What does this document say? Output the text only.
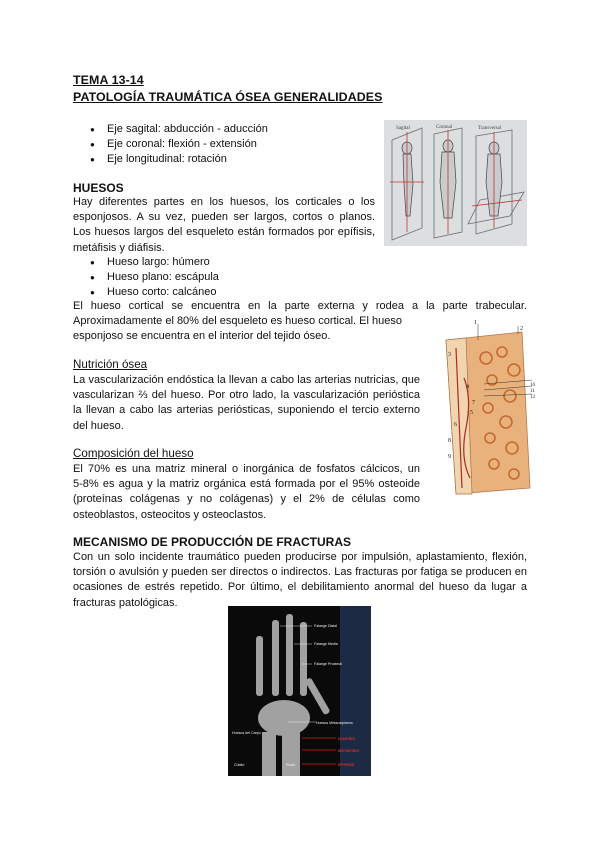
TEMA 13-14
PATOLOGÍA TRAUMÁTICA ÓSEA GENERALIDADES
● Eje sagital: abducción - aducción
● Eje coronal: flexión - extensión
● Eje longitudinal: rotación
Sagital	Coronal	Transversal
HUESOS
Hay diferentes partes en los huesos, los corticales o los
esponjosos. A su vez, pueden ser largos, cortos o planos.
Los huesos largos del esqueleto están formados por epífisis,
metáfisis y diáfisis.
● Hueso largo: húmero
● Hueso plano: escápula
● Hueso corto: calcáneo
El hueso cortical se encuentra en la parte externa y rodea a la parte trabecular.
Aproximadamente el 80% del esqueleto es hueso cortical. El hueso
esponjoso se encuentra en el interior del tejido óseo.
1
2
3
4
5
6
7
8
9
10
11
12
Nutrición ósea
La vascularización endóstica la llevan a cabo las arterias nutricias, que
vascularizan ⅔ del hueso. Por otro lado, la vascularización perióstica
la llevan a cabo las arterias periósticas, suponiendo el tercio externo
del hueso.
Composición del hueso
El 70% es una matriz mineral o inorgánica de fosfatos cálcicos, un
5-8% es agua y la matriz orgánica está formada por el 95% osteoide
(proteínas colágenas y no colágenas) y el 2% de células como
osteoblastos, osteocitos y osteoclastos.
MECANISMO DE PRODUCCIÓN DE FRACTURAS
Con un solo incidente traumático pueden producirse por impulsión, aplastamiento, flexión,
torsión o avulsión y pueden ser directos o indirectos. Las fracturas por fatiga se producen en
ocasiones de estrés repetido. Por último, el debilitamiento anormal del hueso da lugar a
fracturas patológicas.
Falange Distal
Falange Media
Falange Proximal
Huesos Metacarpianos
Huesos del Carpo
Cúbito	Radio
DIAFISIS
METAFISIS
EPIFISIS
